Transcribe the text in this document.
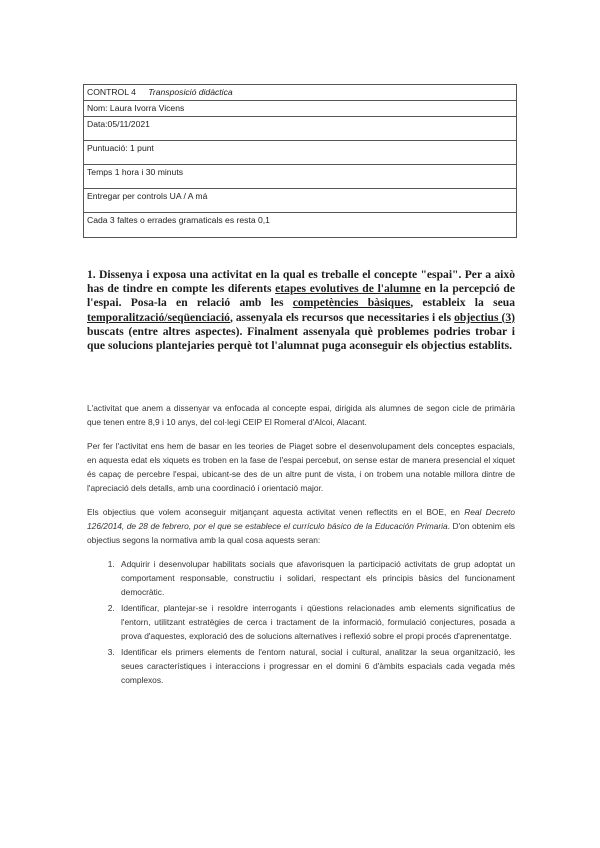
CONTROL 4 Transposició didàctica
Nom: Laura Ivorra Vicens
Data:05/11/2021
Puntuació: 1 punt
Temps 1 hora i 30 minuts
Entregar per controls UA / A má
Cada 3 faltes o errades gramaticals es resta 0,1
1. Dissenya i exposa una activitat en la qual es treballe el concepte "espai". Per a això has de tindre en compte les diferents etapes evolutives de l'alumne en la percepció de l'espai. Posa-la en relació amb les competències bàsiques, estableix la seua temporalització/seqüenciació, assenyala els recursos que necessitaries i els objectius (3) buscats (entre altres aspectes). Finalment assenyala què problemes podries trobar i que solucions plantejaries perquè tot l'alumnat puga aconseguir els objectius establits.

L'activitat que anem a dissenyar va enfocada al concepte espai, dirigida als alumnes de segon cicle de primària que tenen entre 8,9 i 10 anys, del col·legi CEIP El Romeral d'Alcoi, Alacant.

Per fer l'activitat ens hem de basar en les teories de Piaget sobre el desenvolupament dels conceptes espacials, en aquesta edat els xiquets es troben en la fase de l'espai percebut, on sense estar de manera presencial el xiquet és capaç de percebre l'espai, ubicant-se des de un altre punt de vista, i on trobem una notable millora dintre de l'apreciació dels detalls, amb una coordinació i orientació major.

Els objectius que volem aconseguir mitjançant aquesta activitat venen reflectits en el BOE, en Real Decreto 126/2014, de 28 de febrero, por el que se establece el currículo básico de la Educación Primaria. D'on obtenim els objectius segons la normativa amb la qual cosa aquests seran:

1. Adquirir i desenvolupar habilitats socials que afavorisquen la participació activitats de grup adoptat un comportament responsable, constructiu i solidari, respectant els principis bàsics del funcionament democràtic.
2. Identificar, plantejar-se i resoldre interrogants i qüestions relacionades amb elements significatius de l'entorn, utilitzant estratègies de cerca i tractament de la informació, formulació conjectures, posada a prova d'aquestes, exploració des de solucions alternatives i reflexió sobre el propi procés d'aprenentatge.
3. Identificar els primers elements de l'entorn natural, social i cultural, analitzar la seua organització, les seues característiques i interaccions i progressar en el domini 6 d'àmbits espacials cada vegada més complexos.
